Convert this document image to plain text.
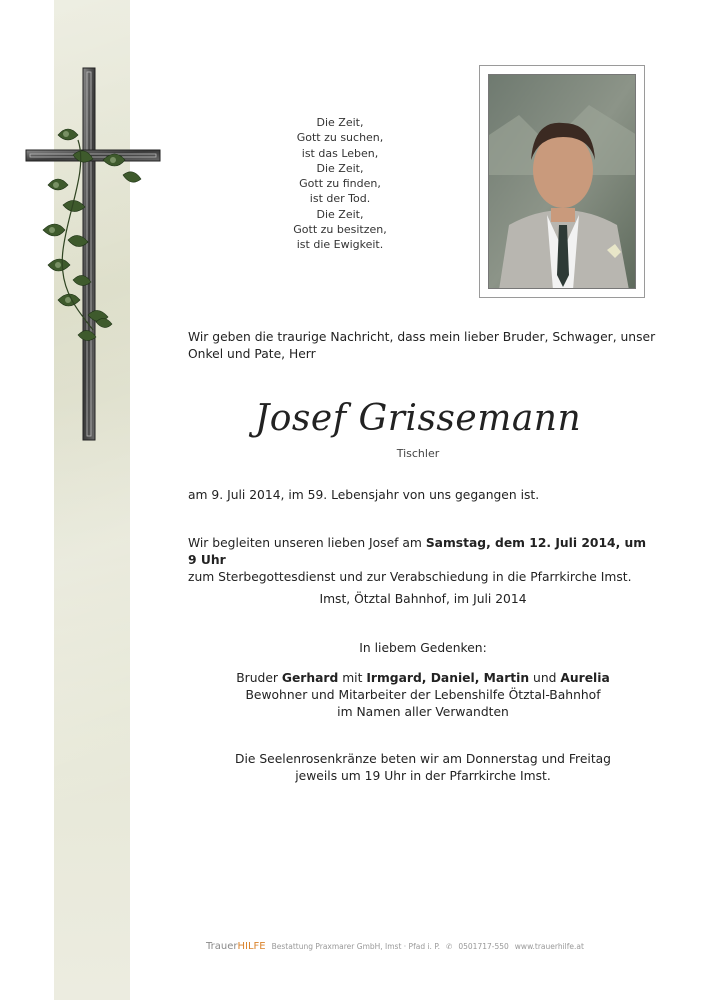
Die Zeit,
Gott zu suchen,
ist das Leben,
Die Zeit,
Gott zu finden,
ist der Tod.
Die Zeit,
Gott zu besitzen,
ist die Ewigkeit.
Wir geben die traurige Nachricht, dass mein lieber Bruder, Schwager, unser Onkel und Pate, Herr
Josef Grissemann
Tischler
am 9. Juli 2014, im 59. Lebensjahr von uns gegangen ist.
Wir begleiten unseren lieben Josef am Samstag, dem 12. Juli 2014, um 9 Uhr
zum Sterbegottesdienst und zur Verabschiedung in die Pfarrkirche Imst.
Imst, Ötztal Bahnhof, im Juli 2014
In liebem Gedenken:
Bruder Gerhard mit Irmgard, Daniel, Martin und Aurelia
Bewohner und Mitarbeiter der Lebenshilfe Ötztal-Bahnhof
im Namen aller Verwandten
Die Seelenrosenkränze beten wir am Donnerstag und Freitag
jeweils um 19 Uhr in der Pfarrkirche Imst.
TrauerHILFE Bestattung Praxmarer GmbH, Imst · Pfad i. P. ✆ 0501717-550 www.trauerhilfe.at
